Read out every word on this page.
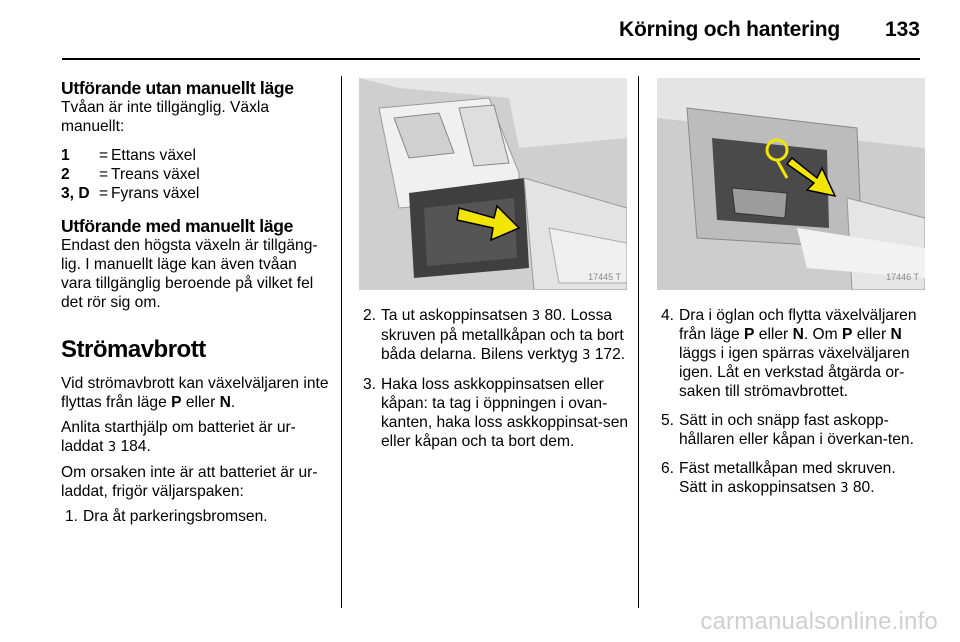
Körning och hantering 133
Utförande utan manuellt läge

Tvåan är inte tillgänglig. Växla manuellt:

1	= Ettans växel
2	= Treans växel
3, D = Fyrans växel
Utförande med manuellt läge

Endast den högsta växeln är tillgäng-lig. I manuellt läge kan även tvåan vara tillgänglig beroende på vilket fel det rör sig om.

Strömavbrott

Vid strömavbrott kan växelväljaren inte flyttas från läge P eller N.

Anlita starthjälp om batteriet är ur-laddat 3 184.

Om orsaken inte är att batteriet är ur-laddat, frigör väljarspaken:

1. Dra åt parkeringsbromsen.
17445 T
2. Ta ut askoppinsatsen 3 80. Lossa skruven på metallkåpan och ta bort båda delarna. Bilens verktyg 3 172.
3. Haka loss askkoppinsatsen eller kåpan: ta tag i öppningen i ovan-kanten, haka loss askkoppinsat-sen eller kåpan och ta bort dem.
17446 T
4. Dra i öglan och flytta växelväljaren från läge P eller N. Om P eller N läggs i igen spärras växelväljaren igen. Låt en verkstad åtgärda or-saken till strömavbrottet.
5. Sätt in och snäpp fast askopp-hållaren eller kåpan i överkan-ten.
6. Fäst metallkåpan med skruven. Sätt in askoppinsatsen 3 80.
carmanualsonline.info
